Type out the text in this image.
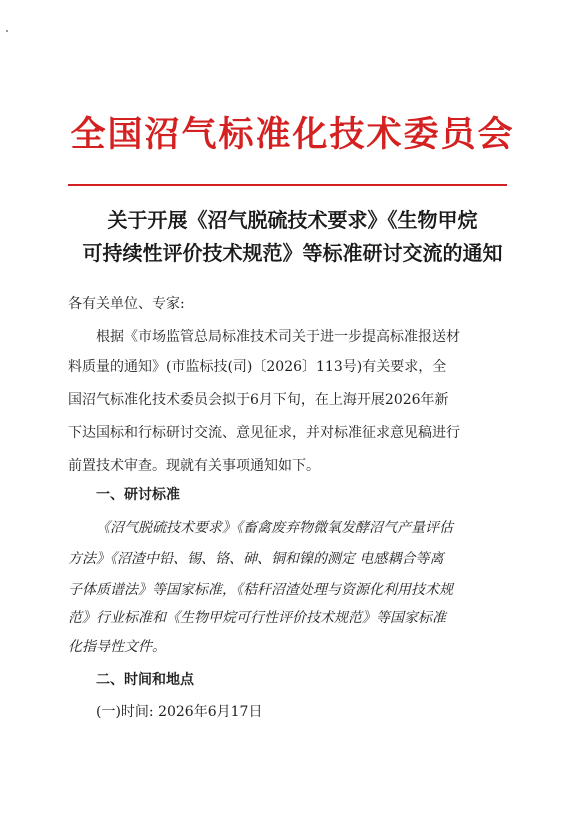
全国沼气标准化技术委员会
关于开展《沼气脱硫技术要求》《生物甲烷
可持续性评价技术规范》等标准研讨交流的通知
各有关单位、专家:
根据《市场监管总局标准技术司关于进一步提高标准报送材
料质量的通知》(市监标技(司)〔2026〕113号)有关要求，全
国沼气标准化技术委员会拟于6月下旬，在上海开展2026年新
下达国标和行标研讨交流、意见征求，并对标准征求意见稿进行
前置技术审查。现就有关事项通知如下。
一、研讨标准
《沼气脱硫技术要求》《畜禽废弃物微氧发酵沼气产量评估
方法》《沼渣中铅、锡、铬、砷、铜和镍的测定 电感耦合等离
子体质谱法》等国家标准，《秸秆沼渣处理与资源化利用技术规
范》行业标准和《生物甲烷可行性评价技术规范》等国家标准
化指导性文件。
二、时间和地点
(一)时间: 2026年6月17日
